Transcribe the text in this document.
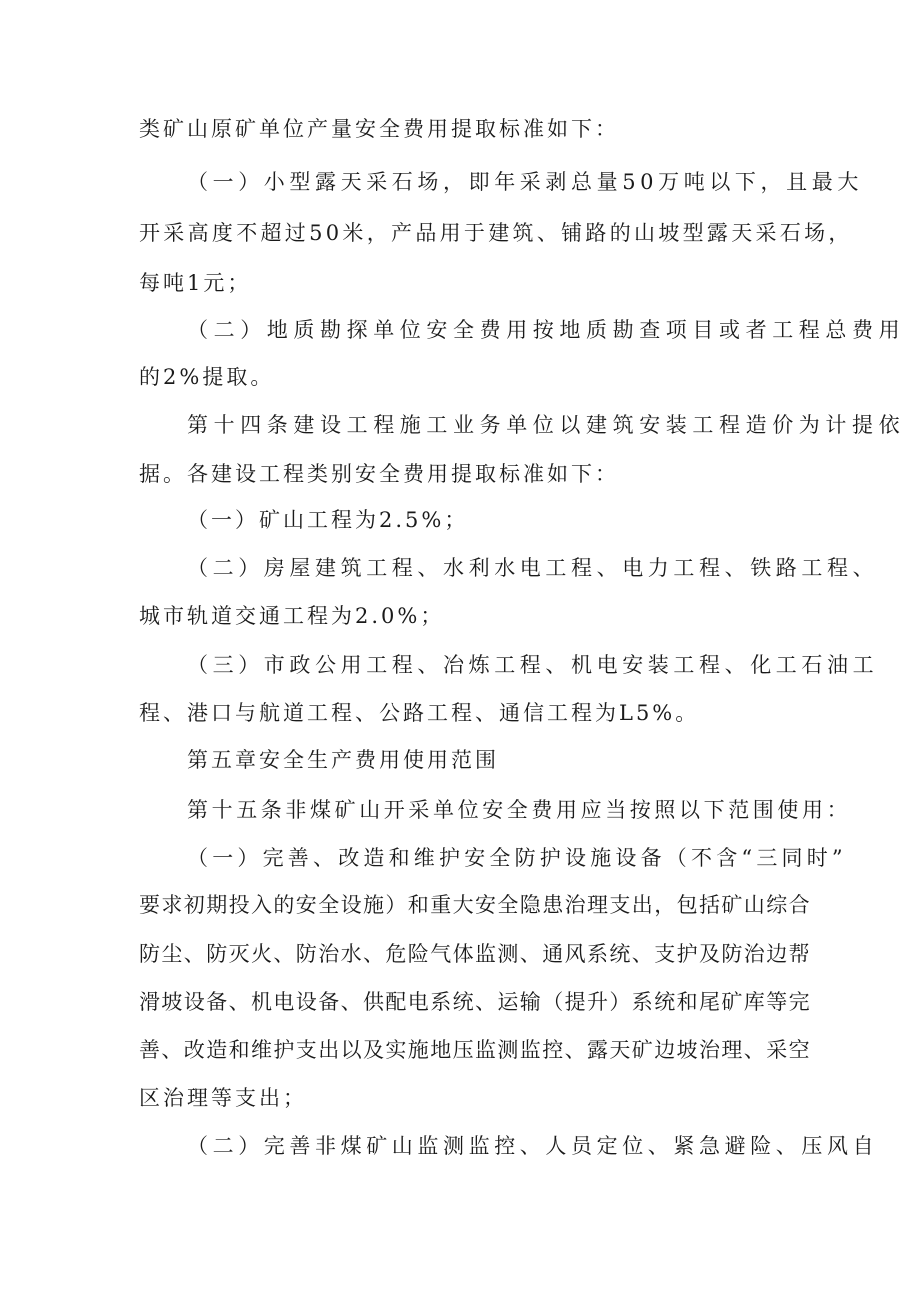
类矿山原矿单位产量安全费用提取标准如下：
（一）小型露天采石场，即年采剥总量50万吨以下，且最大
开采高度不超过50米，产品用于建筑、铺路的山坡型露天采石场，
每吨1元；
（二）地质勘探单位安全费用按地质勘查项目或者工程总费用
的2%提取。
第十四条建设工程施工业务单位以建筑安装工程造价为计提依
据。各建设工程类别安全费用提取标准如下：
（一）矿山工程为2.5%；
（二）房屋建筑工程、水利水电工程、电力工程、铁路工程、
城市轨道交通工程为2.0%；
（三）市政公用工程、冶炼工程、机电安装工程、化工石油工
程、港口与航道工程、公路工程、通信工程为L5%。
第五章安全生产费用使用范围
第十五条非煤矿山开采单位安全费用应当按照以下范围使用：
（一）完善、改造和维护安全防护设施设备（不含“三同时”
要求初期投入的安全设施）和重大安全隐患治理支出，包括矿山综合
防尘、防灭火、防治水、危险气体监测、通风系统、支护及防治边帮
滑坡设备、机电设备、供配电系统、运输（提升）系统和尾矿库等完
善、改造和维护支出以及实施地压监测监控、露天矿边坡治理、采空
区治理等支出；
（二）完善非煤矿山监测监控、人员定位、紧急避险、压风自
